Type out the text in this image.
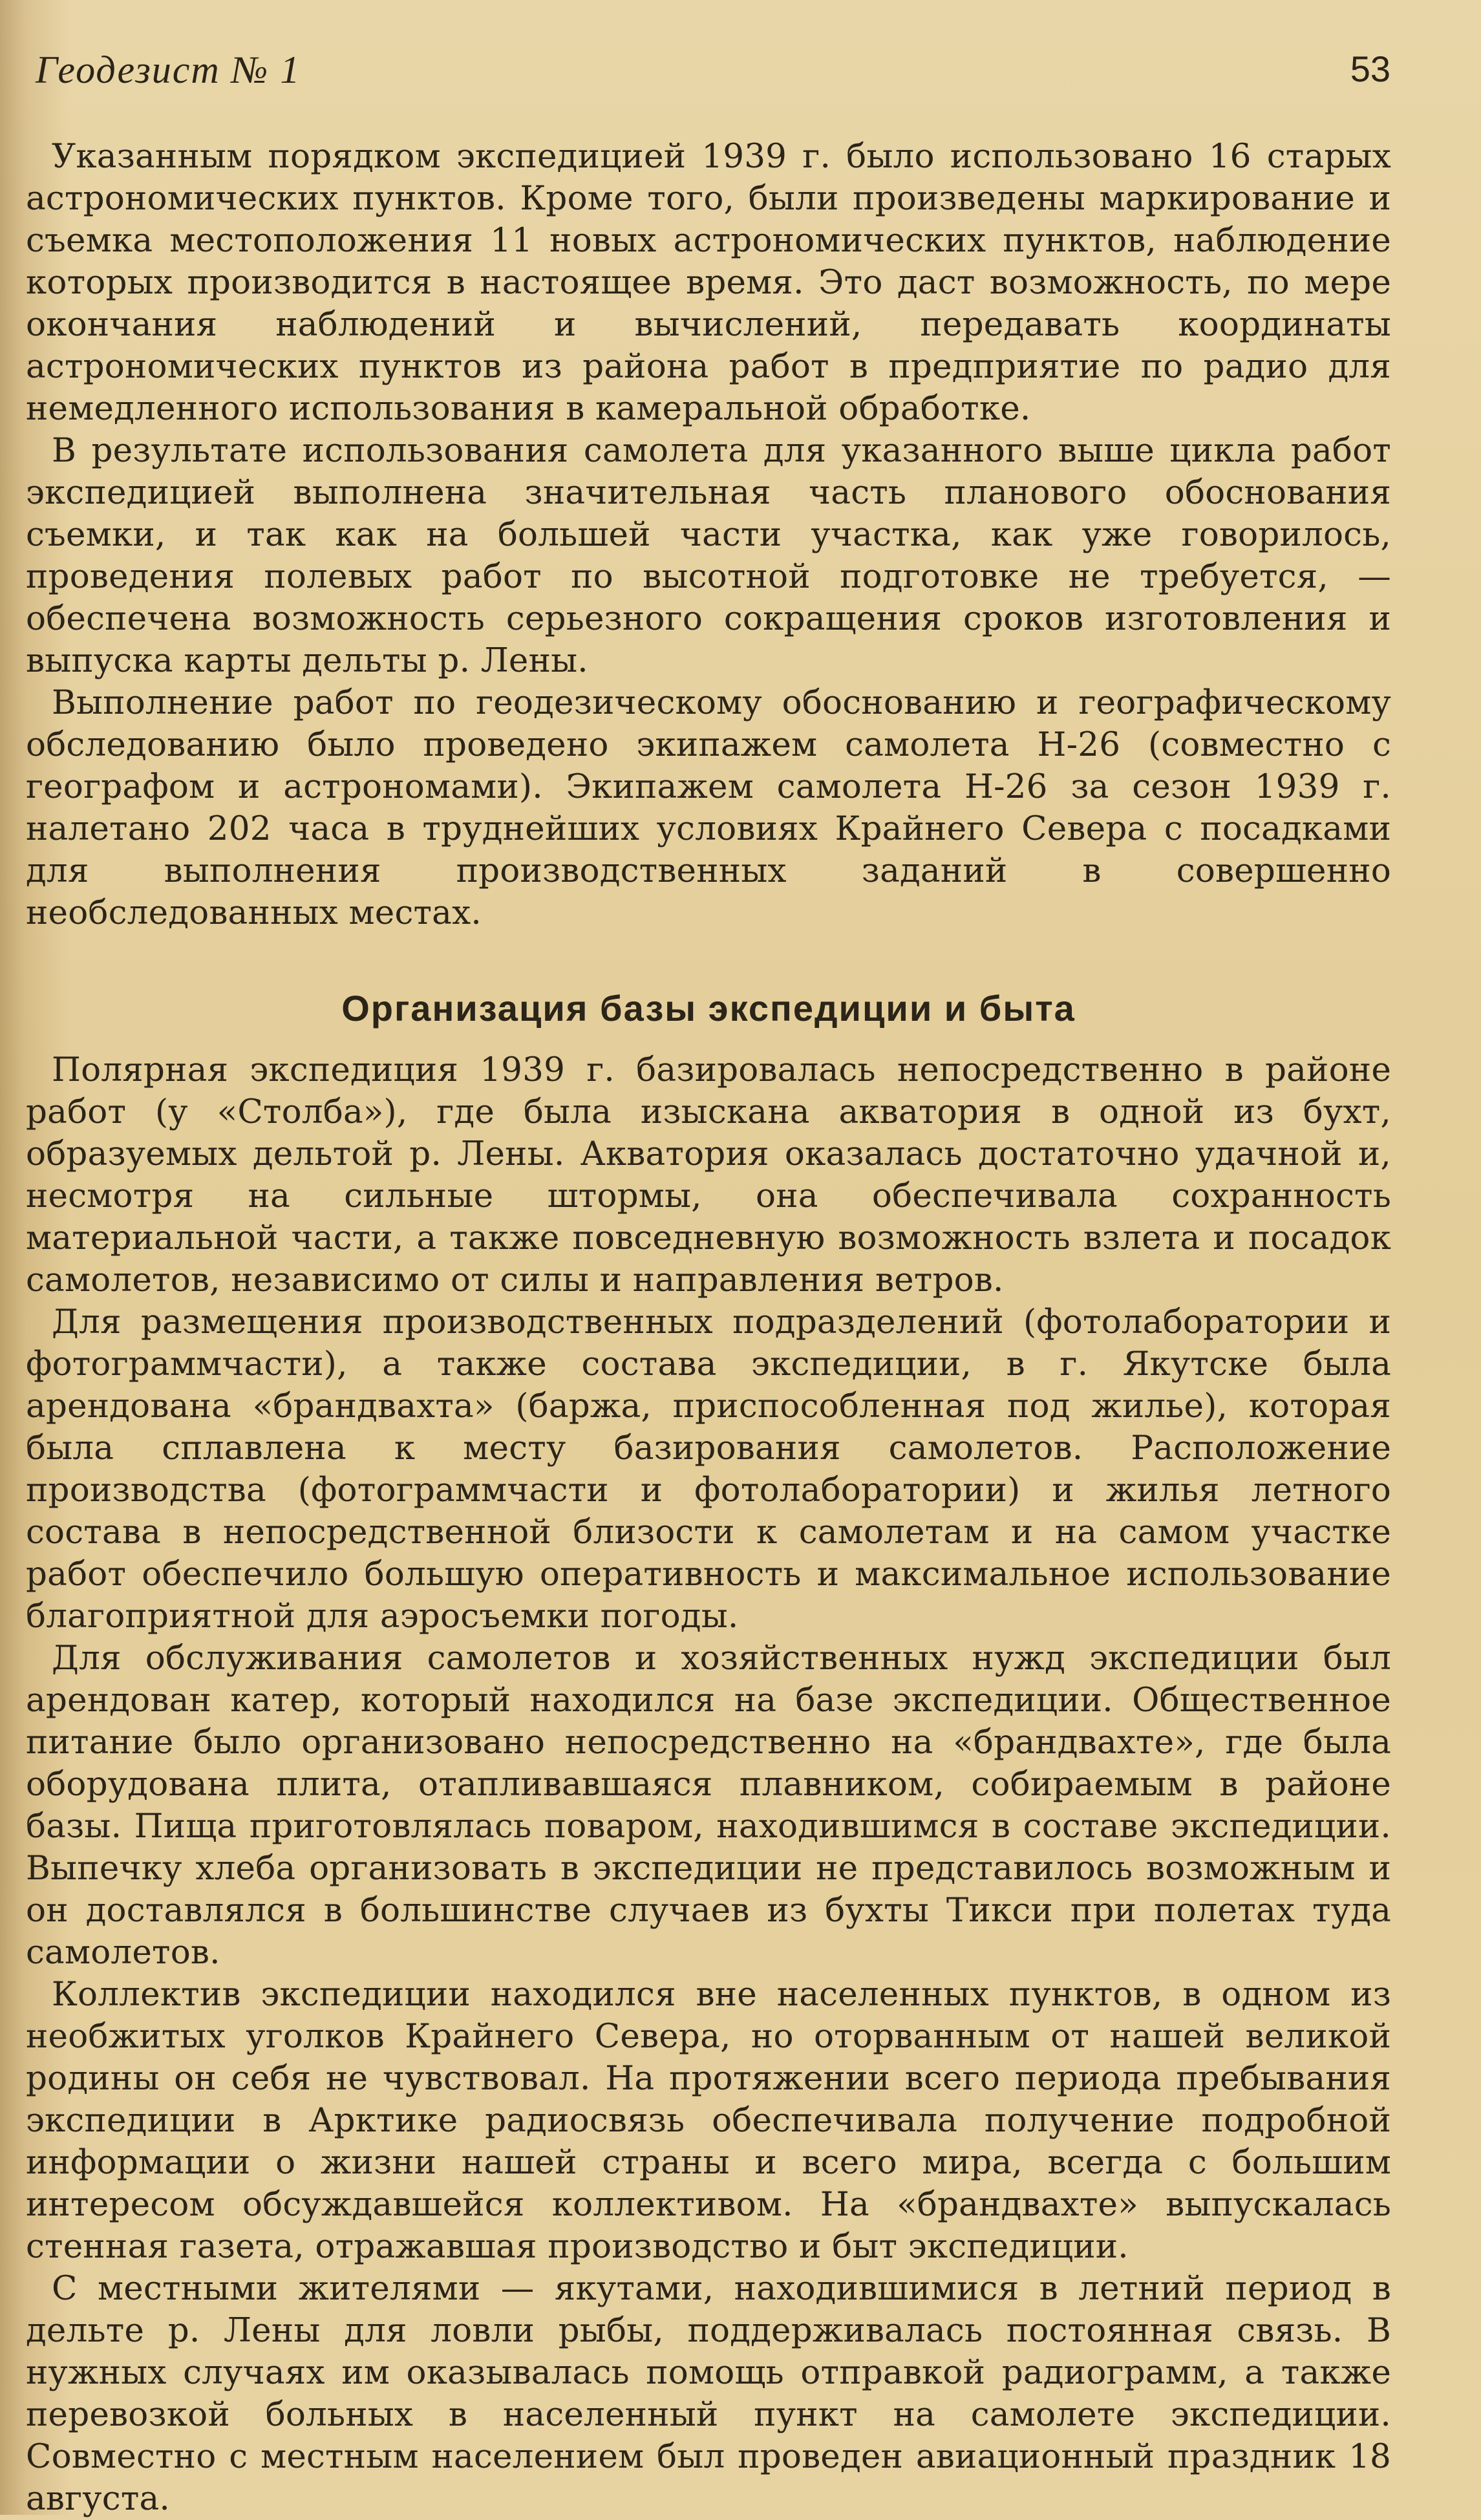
Геодезист № 1	53

Указанным порядком экспедицией 1939 г. было использовано 16 старых астрономических пунктов. Кроме того, были произведены маркирование и съемка местоположения 11 новых астрономических пунктов, наблюдение которых производится в настоящее время. Это даст возможность, по мере окончания наблюдений и вычислений, передавать координаты астрономических пунктов из района работ в предприятие по радио для немедленного использования в камеральной обработке.

В результате использования самолета для указанного выше цикла работ экспедицией выполнена значительная часть планового обоснования съемки, и так как на большей части участка, как уже говорилось, проведения полевых работ по высотной подготовке не требуется, — обеспечена возможность серьезного сокращения сроков изготовления и выпуска карты дельты р. Лены.

Выполнение работ по геодезическому обоснованию и географическому обследованию было проведено экипажем самолета Н-26 (совместно с географом и астрономами). Экипажем самолета Н-26 за сезон 1939 г. налетано 202 часа в труднейших условиях Крайнего Севера с посадками для выполнения производственных заданий в совершенно необследованных местах.

Организация базы экспедиции и быта

Полярная экспедиция 1939 г. базировалась непосредственно в районе работ (у «Столба»), где была изыскана акватория в одной из бухт, образуемых дельтой р. Лены. Акватория оказалась достаточно удачной и, несмотря на сильные штормы, она обеспечивала сохранность материальной части, а также повседневную возможность взлета и посадок самолетов, независимо от силы и направления ветров.

Для размещения производственных подразделений (фотолаборатории и фотограммчасти), а также состава экспедиции, в г. Якутске была арендована «брандвахта» (баржа, приспособленная под жилье), которая была сплавлена к месту базирования самолетов. Расположение производства (фотограммчасти и фотолаборатории) и жилья летного состава в непосредственной близости к самолетам и на самом участке работ обеспечило большую оперативность и максимальное использование благоприятной для аэросъемки погоды.

Для обслуживания самолетов и хозяйственных нужд экспедиции был арендован катер, который находился на базе экспедиции. Общественное питание было организовано непосредственно на «брандвахте», где была оборудована плита, отапливавшаяся плавником, собираемым в районе базы. Пища приготовлялась поваром, находившимся в составе экспедиции. Выпечку хлеба организовать в экспедиции не представилось возможным и он доставлялся в большинстве случаев из бухты Тикси при полетах туда самолетов.

Коллектив экспедиции находился вне населенных пунктов, в одном из необжитых уголков Крайнего Севера, но оторванным от нашей великой родины он себя не чувствовал. На протяжении всего периода пребывания экспедиции в Арктике радиосвязь обеспечивала получение подробной информации о жизни нашей страны и всего мира, всегда с большим интересом обсуждавшейся коллективом. На «брандвахте» выпускалась стенная газета, отражавшая производство и быт экспедиции.

С местными жителями — якутами, находившимися в летний период в дельте р. Лены для ловли рыбы, поддерживалась постоянная связь. В нужных случаях им оказывалась помощь отправкой радиограмм, а также перевозкой больных в населенный пункт на самолете экспедиции. Совместно с местным населением был проведен авиационный праздник 18 августа.
